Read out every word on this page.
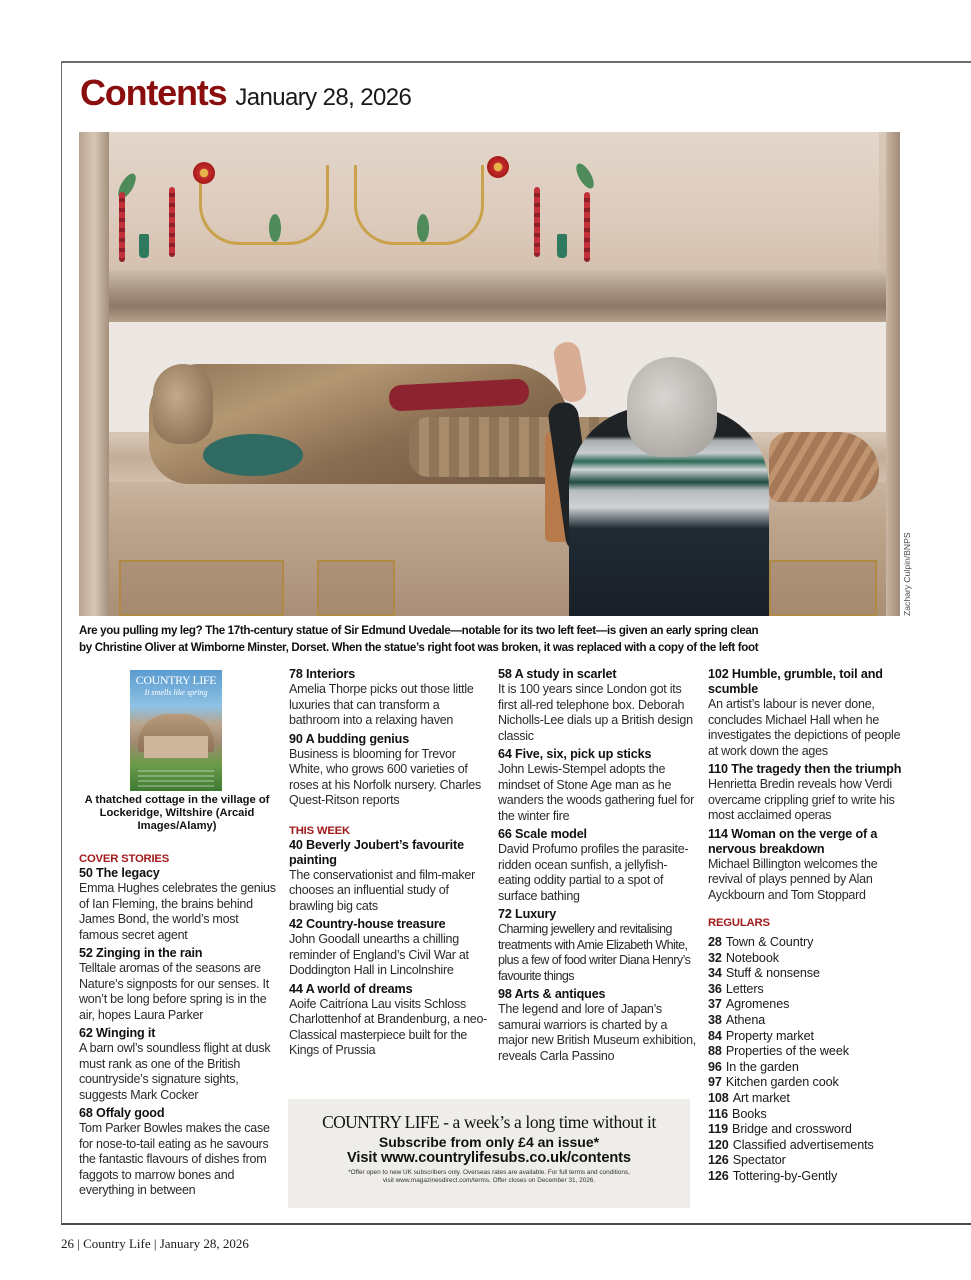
Contents January 28, 2026
Zachary Culpin/BNPS
Are you pulling my leg? The 17th-century statue of Sir Edmund Uvedale—notable for its two left feet—is given an early spring clean
by Christine Oliver at Wimborne Minster, Dorset. When the statue’s right foot was broken, it was replaced with a copy of the left foot
COUNTRY LIFE
It smells like spring
A thatched cottage in the village of Lockeridge, Wiltshire (Arcaid Images/Alamy)
COVER STORIES
50 The legacy
Emma Hughes celebrates the genius of Ian Fleming, the brains behind James Bond, the world’s most famous secret agent
52 Zinging in the rain
Telltale aromas of the seasons are Nature’s signposts for our senses. It won’t be long before spring is in the air, hopes Laura Parker
62 Winging it
A barn owl’s soundless flight at dusk must rank as one of the British countryside’s signature sights, suggests Mark Cocker
68 Offaly good
Tom Parker Bowles makes the case for nose-to-tail eating as he savours the fantastic flavours of dishes from faggots to marrow bones and everything in between
78 Interiors
Amelia Thorpe picks out those little luxuries that can transform a bathroom into a relaxing haven
90 A budding genius
Business is blooming for Trevor White, who grows 600 varieties of roses at his Norfolk nursery. Charles Quest-Ritson reports
THIS WEEK
40 Beverly Joubert’s favourite painting
The conservationist and film-maker chooses an influential study of brawling big cats
42 Country-house treasure
John Goodall unearths a chilling reminder of England’s Civil War at Doddington Hall in Lincolnshire
44 A world of dreams
Aoife Caitríona Lau visits Schloss Charlottenhof at Brandenburg, a neo-Classical masterpiece built for the Kings of Prussia
58 A study in scarlet
It is 100 years since London got its first all-red telephone box. Deborah Nicholls-Lee dials up a British design classic
64 Five, six, pick up sticks
John Lewis-Stempel adopts the mindset of Stone Age man as he wanders the woods gathering fuel for the winter fire
66 Scale model
David Profumo profiles the parasite-ridden ocean sunfish, a jellyfish-eating oddity partial to a spot of surface bathing
72 Luxury
Charming jewellery and revitalising treatments with Amie Elizabeth White, plus a few of food writer Diana Henry’s favourite things
98 Arts & antiques
The legend and lore of Japan’s samurai warriors is charted by a major new British Museum exhibition, reveals Carla Passino
102 Humble, grumble, toil and scumble
An artist’s labour is never done, concludes Michael Hall when he investigates the depictions of people at work down the ages
110 The tragedy then the triumph
Henrietta Bredin reveals how Verdi overcame crippling grief to write his most acclaimed operas
114 Woman on the verge of a nervous breakdown
Michael Billington welcomes the revival of plays penned by Alan Ayckbourn and Tom Stoppard
REGULARS
28 Town & Country
32 Notebook
34 Stuff & nonsense
36 Letters
37 Agromenes
38 Athena
84 Property market
88 Properties of the week
96 In the garden
97 Kitchen garden cook
108 Art market
116 Books
119 Bridge and crossword
120 Classified advertisements
126 Spectator
126 Tottering-by-Gently
COUNTRY LIFE - a week’s a long time without it
Subscribe from only £4 an issue*
Visit www.countrylifesubs.co.uk/contents
*Offer open to new UK subscribers only. Overseas rates are available. For full terms and conditions,
visit www.magazinesdirect.com/terms. Offer closes on December 31, 2026.
26 | Country Life | January 28, 2026
